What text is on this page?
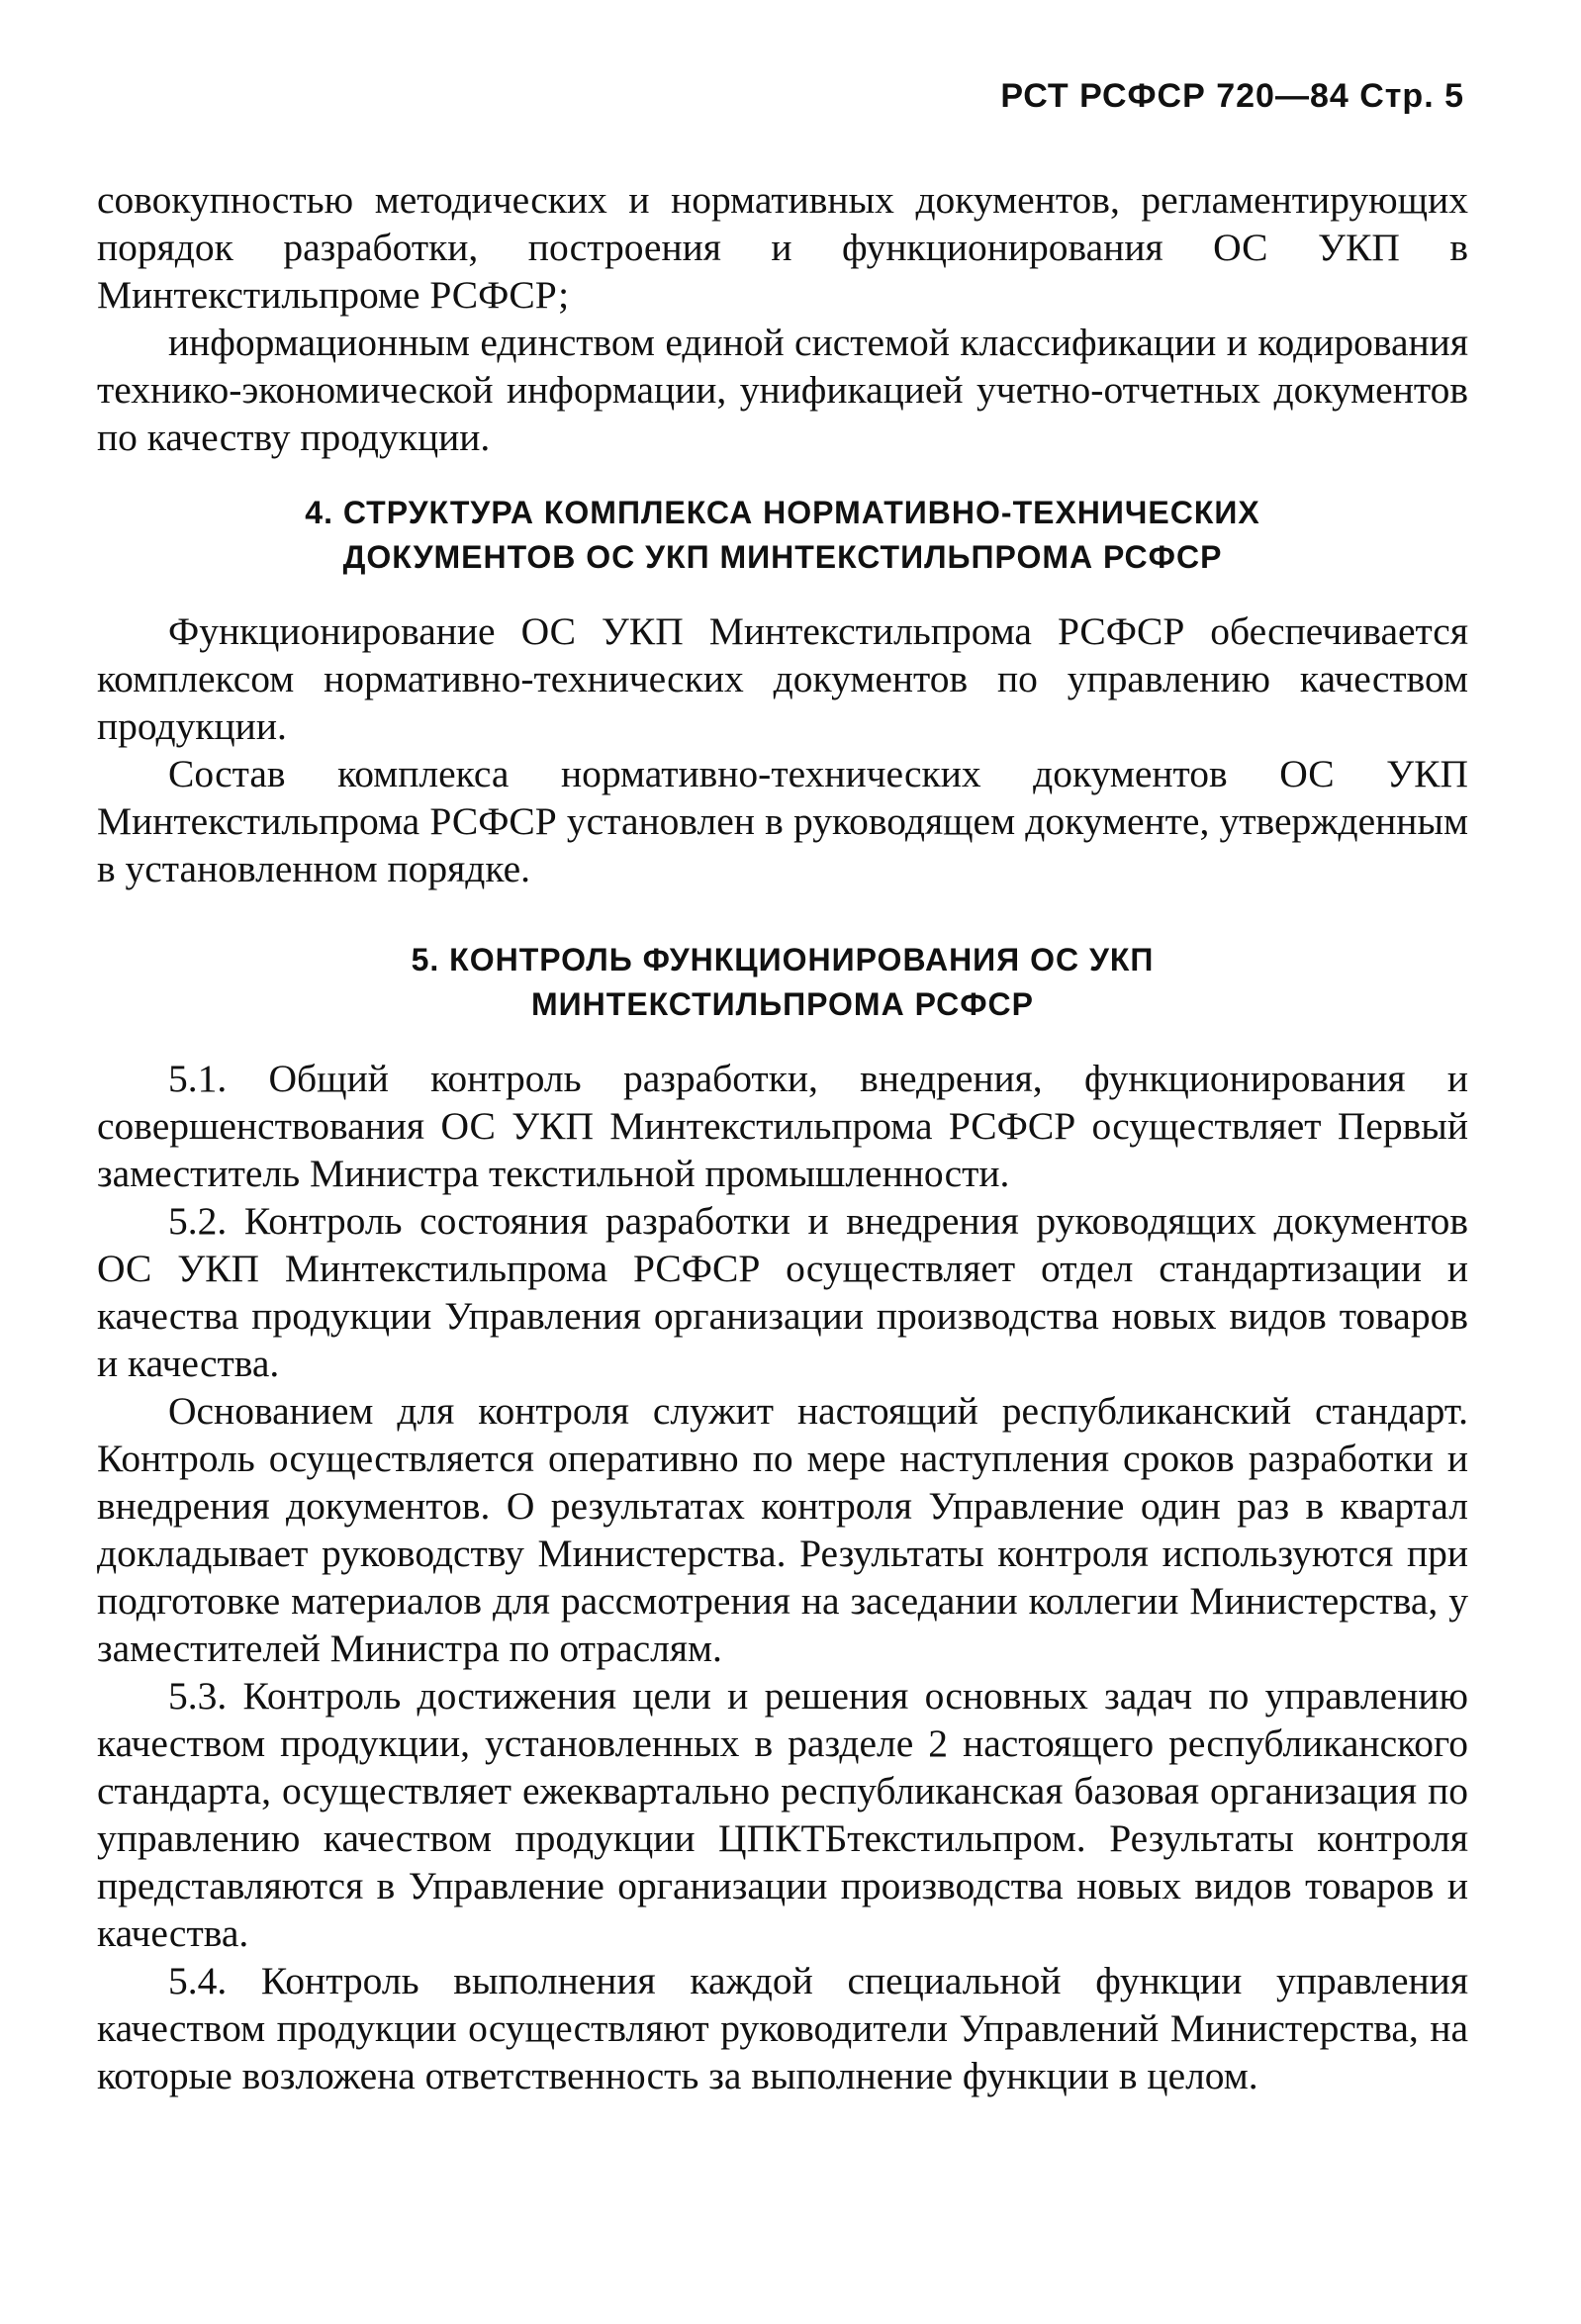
РСТ РСФСР 720—84 Стр. 5

совокупностью методических и нормативных документов, регламентирующих порядок разработки, построения и функционирования ОС УКП в Минтекстильпроме РСФСР;

информационным единством единой системой классификации и кодирования технико-экономической информации, унификацией учетно-отчетных документов по качеству продукции.

4. СТРУКТУРА КОМПЛЕКСА НОРМАТИВНО-ТЕХНИЧЕСКИХ
ДОКУМЕНТОВ ОС УКП МИНТЕКСТИЛЬПРОМА РСФСР

Функционирование ОС УКП Минтекстильпрома РСФСР обеспечивается комплексом нормативно-технических документов по управлению качеством продукции.

Состав комплекса нормативно-технических документов ОС УКП Минтекстильпрома РСФСР установлен в руководящем документе, утвержденным в установленном порядке.

5. КОНТРОЛЬ ФУНКЦИОНИРОВАНИЯ ОС УКП
МИНТЕКСТИЛЬПРОМА РСФСР

5.1. Общий контроль разработки, внедрения, функционирования и совершенствования ОС УКП Минтекстильпрома РСФСР осуществляет Первый заместитель Министра текстильной промышленности.

5.2. Контроль состояния разработки и внедрения руководящих документов ОС УКП Минтекстильпрома РСФСР осуществляет отдел стандартизации и качества продукции Управления организации производства новых видов товаров и качества.

Основанием для контроля служит настоящий республиканский стандарт. Контроль осуществляется оперативно по мере наступления сроков разработки и внедрения документов. О результатах контроля Управление один раз в квартал докладывает руководству Министерства. Результаты контроля используются при подготовке материалов для рассмотрения на заседании коллегии Министерства, у заместителей Министра по отраслям.

5.3. Контроль достижения цели и решения основных задач по управлению качеством продукции, установленных в разделе 2 настоящего республиканского стандарта, осуществляет ежеквартально республиканская базовая организация по управлению качеством продукции ЦПКТБтекстильпром. Результаты контроля представляются в Управление организации производства новых видов товаров и качества.

5.4. Контроль выполнения каждой специальной функции управления качеством продукции осуществляют руководители Управлений Министерства, на которые возложена ответственность за выполнение функции в целом.
